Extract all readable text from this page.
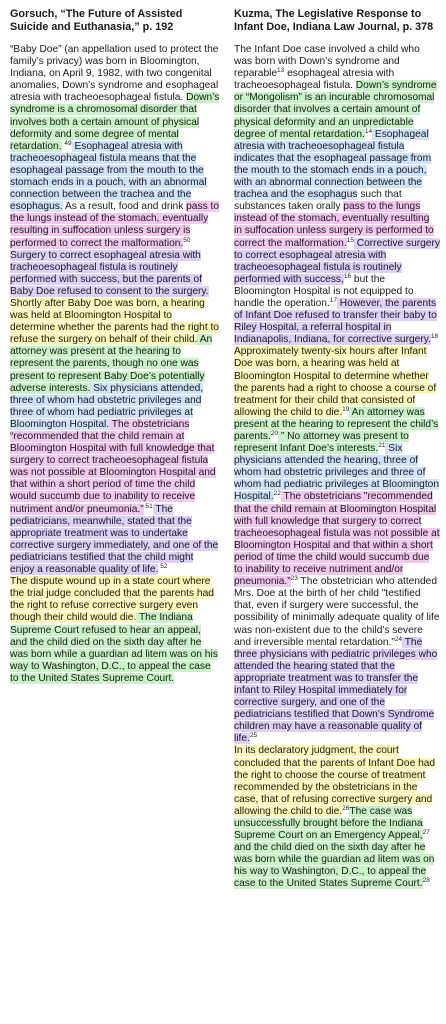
Gorsuch, “The Future of Assisted Suicide and Euthanasia,” p. 192

“Baby Doe” (an appellation used to protect the family’s privacy) was born in Bloomington, Indiana, on April 9, 1982, with two congenital anomalies, Down’s syndrome and esophageal atresia with tracheoesophageal fistula. Down’s syndrome is a chromosomal disorder that involves both a certain amount of physical deformity and some degree of mental retardation. $^{49}$ Esophageal atresia with tracheoesophageal fistula means that the esophageal passage from the mouth to the stomach ends in a pouch, with an abnormal connection between the trachea and the esophagus. As a result, food and drink pass to the lungs instead of the stomach, eventually resulting in suffocation unless surgery is performed to correct the malformation.$^{50}$ Surgery to correct esophageal atresia with tracheoesophageal fistula is routinely performed with success, but the parents of Baby Doe refused to consent to the surgery.

Shortly after Baby Doe was born, a hearing was held at Bloomington Hospital to determine whether the parents had the right to refuse the surgery on behalf of their child. An attorney was present at the hearing to represent the parents, though no one was present to represent Baby Doe’s potentially adverse interests. Six physicians attended, three of whom had obstetric privileges and three of whom had pediatric privileges at Bloomington Hospital. The obstetricians “recommended that the child remain at Bloomington Hospital with full knowledge that surgery to correct tracheoesophageal fistula was not possible at Bloomington Hospital and that within a short period of time the child would succumb due to inability to receive nutriment and/or pneumonia.” $^{51}$ The pediatricians, meanwhile, stated that the appropriate treatment was to undertake corrective surgery immediately, and one of the pediatricians testified that the child might enjoy a reasonable quality of life. $^{52}$

The dispute wound up in a state court where the trial judge concluded that the parents had the right to refuse corrective surgery even though their child would die. The Indiana Supreme Court refused to hear an appeal, and the child died on the sixth day after he was born while a guardian ad litem was on his way to Washington, D.C., to appeal the case to the United States Supreme Court.

Kuzma, The Legislative Response to Infant Doe, Indiana Law Journal, p. 378

The Infant Doe case involved a child who was born with Down’s syndrome and reparable$^{13}$ esophageal atresia with tracheoesophageal fistula. Down’s syndrome or “Mongolism” is an incurable chromosomal disorder that involves a certain amount of physical deformity and an unpredictable degree of mental retardation.$^{14}$ Esophageal atresia with tracheoesophageal fistula indicates that the esophageal passage from the mouth to the stomach ends in a pouch, with an abnormal connection between the trachea and the esophagus such that substances taken orally pass to the lungs instead of the stomach, eventually resulting in suffocation unless surgery is performed to correct the malformation.$^{15}$ Corrective surgery to correct esophageal atresia with tracheoesophageal fistula is routinely performed with success,$^{16}$ but the Bloomington Hospital is not equipped to handle the operation.$^{17}$ However, the parents of Infant Doe refused to transfer their baby to Riley Hospital, a referral hospital in Indianapolis, Indiana, for corrective surgery.$^{18}$ Approximately twenty-six hours after Infant Doe was born, a hearing was held at Bloomington Hospital to determine whether the parents had a right to choose a course of treatment for their child that consisted of allowing the child to die.$^{19}$ An attorney was present at the hearing to represent the child’s parents.$^{20}$ ” No attorney was present to represent Infant Doe’s interests.$^{21}$ Six physicians attended the hearing, three of whom had obstetric privileges and three of whom had pediatric privileges at Bloomington Hospital.$^{22}$ The obstetricians "recommended that the child remain at Bloomington Hospital with full knowledge that surgery to correct tracheoesophageal fistula was not possible at Bloomington Hospital and that within a short period of time the child would succumb due to inability to receive nutriment and/or pneumonia.”$^{23}$ The obstetrician who attended Mrs. Doe at the birth of her child "testified that, even if surgery were successful, the possibility of minimally adequate quality of life was non-existent due to the child's severe and irreversible mental retardation.”$^{24}$ The three physicians with pediatric privileges who attended the hearing stated that the appropriate treatment was to transfer the infant to Riley Hospital immediately for corrective surgery, and one of the pediatricians testified that Down's Syndrome children may have a reasonable quality of life.$^{25}$

In its declaratory judgment, the court concluded that the parents of Infant Doe had the right to choose the course of treatment recommended by the obstetricians in the case, that of refusing corrective surgery and allowing the child to die.$^{26}$The case was unsuccessfully brought before the Indiana Supreme Court on an Emergency Appeal,$^{27}$ and the child died on the sixth day after he was born while the guardian ad litem was on his way to Washington, D.C., to appeal the case to the United States Supreme Court.$^{28}$
